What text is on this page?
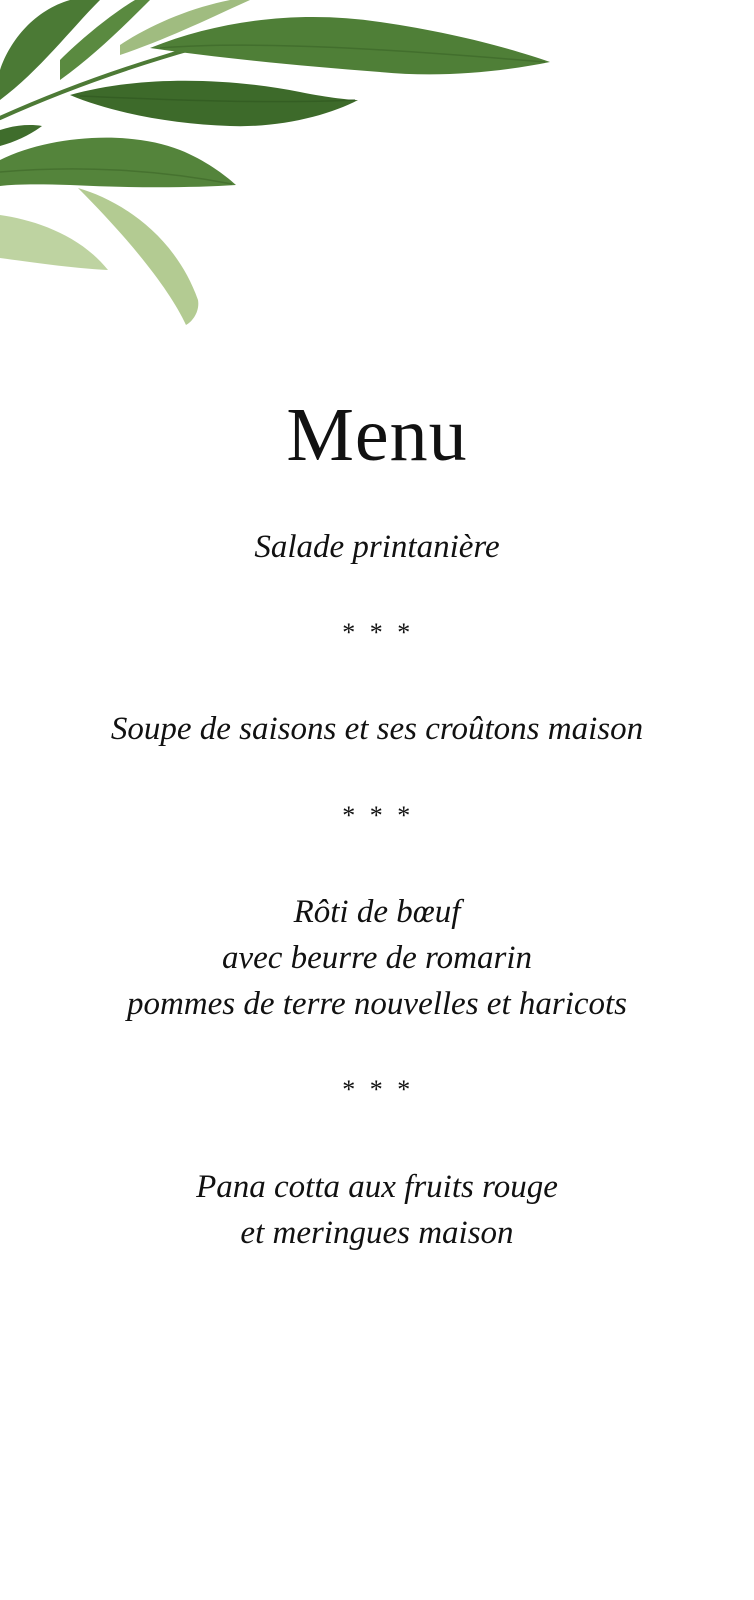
Menu
Salade printanière
* * *
Soupe de saisons et ses croûtons maison
* * *
Rôti de bœuf
avec beurre de romarin
pommes de terre nouvelles et haricots
* * *
Pana cotta aux fruits rouge
et meringues maison
